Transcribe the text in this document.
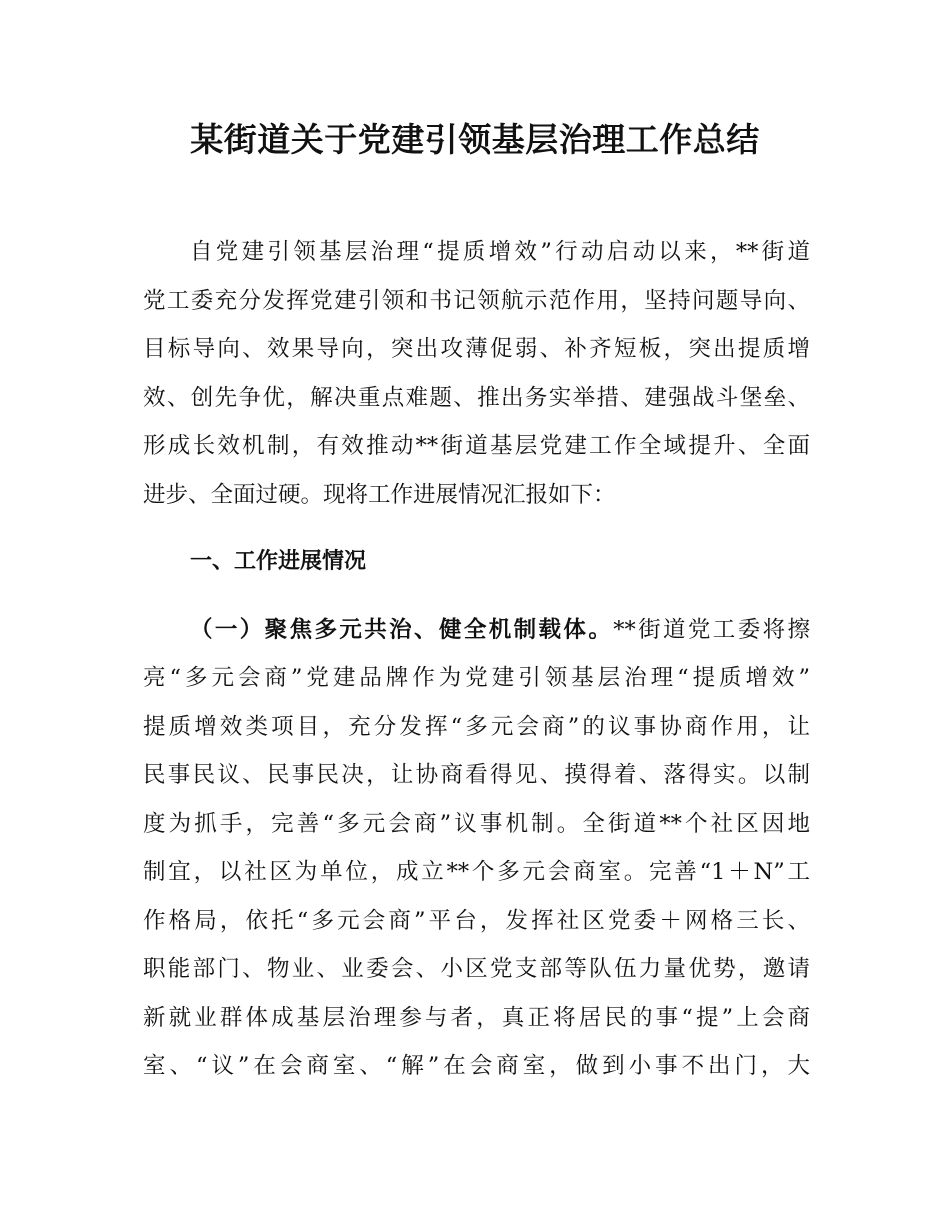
某街道关于党建引领基层治理工作总结
自党建引领基层治理“提质增效”行动启动以来，**街道
党工委充分发挥党建引领和书记领航示范作用，坚持问题导向、
目标导向、效果导向，突出攻薄促弱、补齐短板，突出提质增
效、创先争优，解决重点难题、推出务实举措、建强战斗堡垒、
形成长效机制，有效推动**街道基层党建工作全域提升、全面
进步、全面过硬。现将工作进展情况汇报如下：
一、工作进展情况
（一）聚焦多元共治、健全机制载体。**街道党工委将擦
亮“多元会商”党建品牌作为党建引领基层治理“提质增效”
提质增效类项目，充分发挥“多元会商”的议事协商作用，让
民事民议、民事民决，让协商看得见、摸得着、落得实。以制
度为抓手，完善“多元会商”议事机制。全街道**个社区因地
制宜，以社区为单位，成立**个多元会商室。完善“1＋N”工
作格局，依托“多元会商”平台，发挥社区党委＋网格三长、
职能部门、物业、业委会、小区党支部等队伍力量优势，邀请
新就业群体成基层治理参与者，真正将居民的事“提”上会商
室、“议”在会商室、“解”在会商室，做到小事不出门，大
